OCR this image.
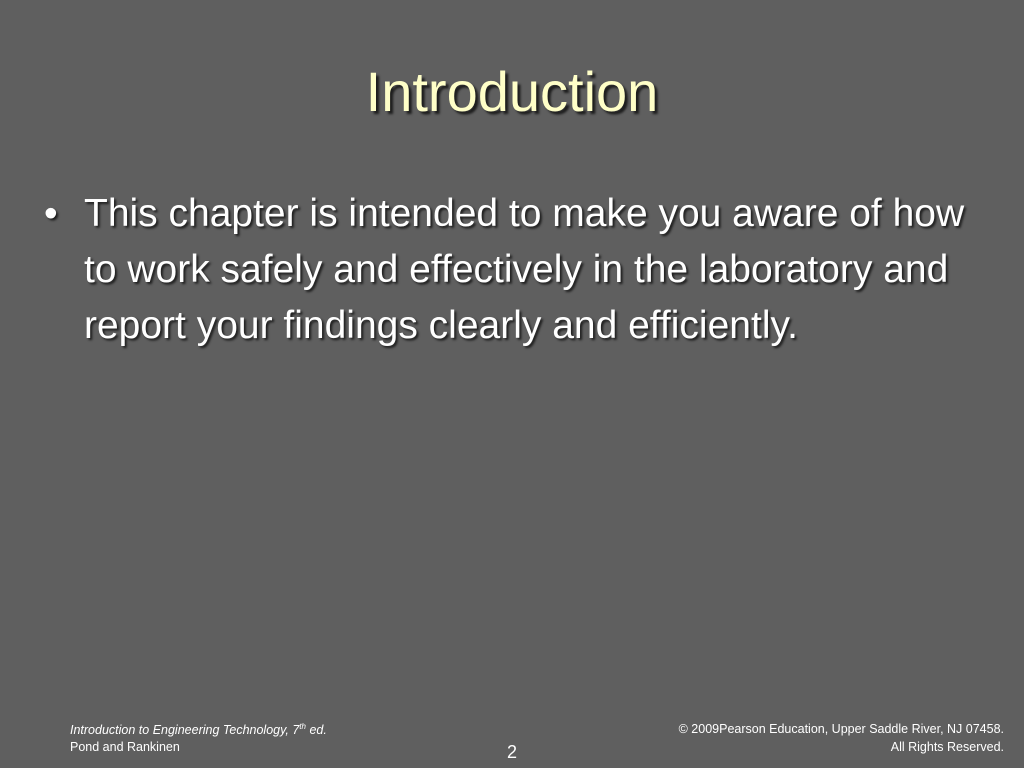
Introduction
• This chapter is intended to make you aware of how to work safely and effectively in the laboratory and report your findings clearly and efficiently.
Introduction to Engineering Technology, 7th ed.
Pond and Rankinen	2
© 2009Pearson Education, Upper Saddle River, NJ 07458.
All Rights Reserved.
